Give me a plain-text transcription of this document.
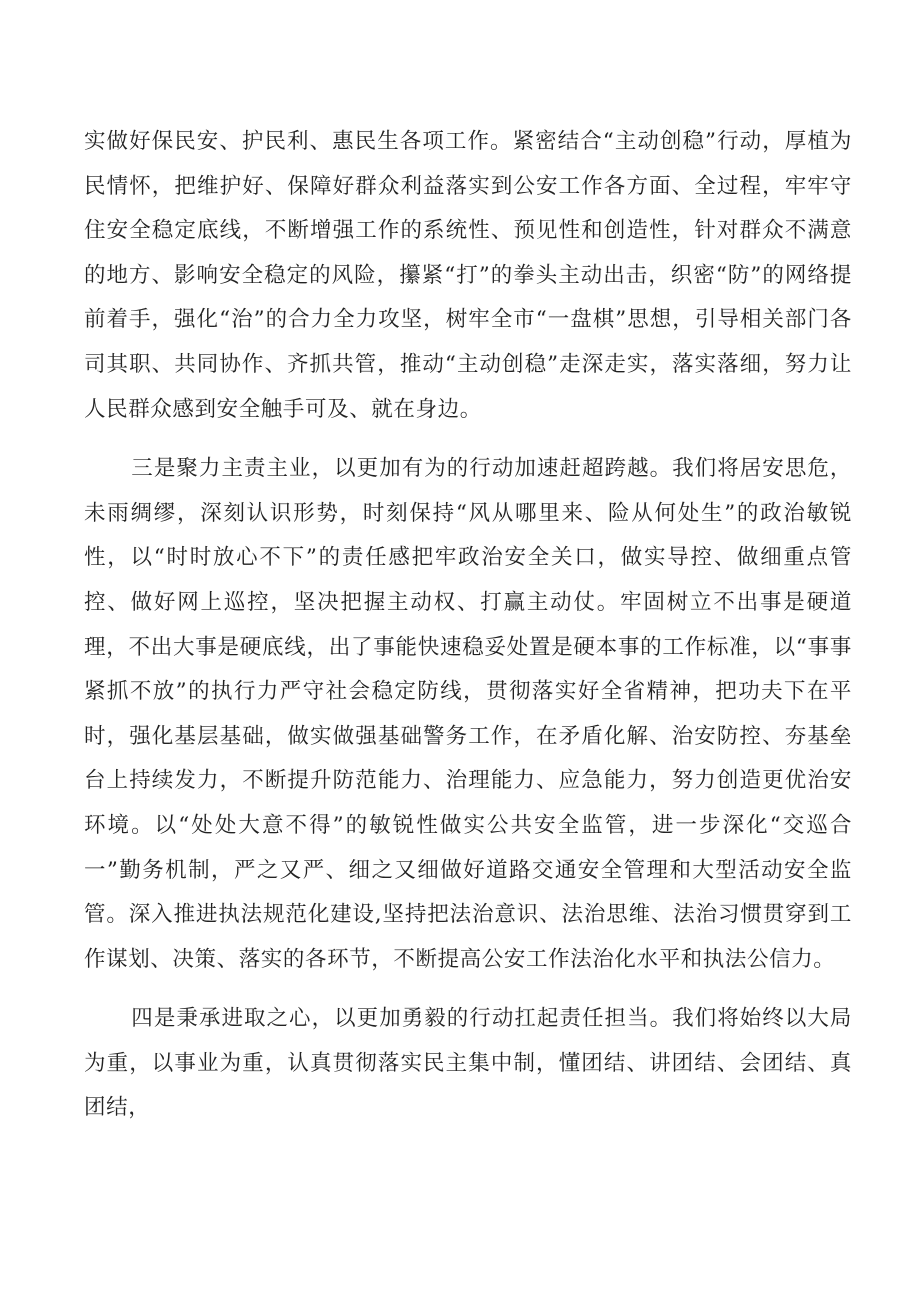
实做好保民安、护民利、惠民生各项工作。紧密结合“主动创稳”行动，厚植为民情怀，把维护好、保障好群众利益落实到公安工作各方面、全过程，牢牢守住安全稳定底线，不断增强工作的系统性、预见性和创造性，针对群众不满意的地方、影响安全稳定的风险，攥紧“打”的拳头主动出击，织密“防”的网络提前着手，强化“治”的合力全力攻坚，树牢全市“一盘棋”思想，引导相关部门各司其职、共同协作、齐抓共管，推动“主动创稳”走深走实，落实落细，努力让人民群众感到安全触手可及、就在身边。

三是聚力主责主业，以更加有为的行动加速赶超跨越。我们将居安思危，未雨绸缪，深刻认识形势，时刻保持“风从哪里来、险从何处生”的政治敏锐性，以“时时放心不下”的责任感把牢政治安全关口，做实导控、做细重点管控、做好网上巡控，坚决把握主动权、打赢主动仗。牢固树立不出事是硬道理，不出大事是硬底线，出了事能快速稳妥处置是硬本事的工作标准，以“事事紧抓不放”的执行力严守社会稳定防线，贯彻落实好全省精神，把功夫下在平时，强化基层基础，做实做强基础警务工作，在矛盾化解、治安防控、夯基垒台上持续发力，不断提升防范能力、治理能力、应急能力，努力创造更优治安环境。以“处处大意不得”的敏锐性做实公共安全监管，进一步深化“交巡合一”勤务机制，严之又严、细之又细做好道路交通安全管理和大型活动安全监管。深入推进执法规范化建设,坚持把法治意识、法治思维、法治习惯贯穿到工作谋划、决策、落实的各环节，不断提高公安工作法治化水平和执法公信力。

四是秉承进取之心，以更加勇毅的行动扛起责任担当。我们将始终以大局为重，以事业为重，认真贯彻落实民主集中制，懂团结、讲团结、会团结、真团结，
